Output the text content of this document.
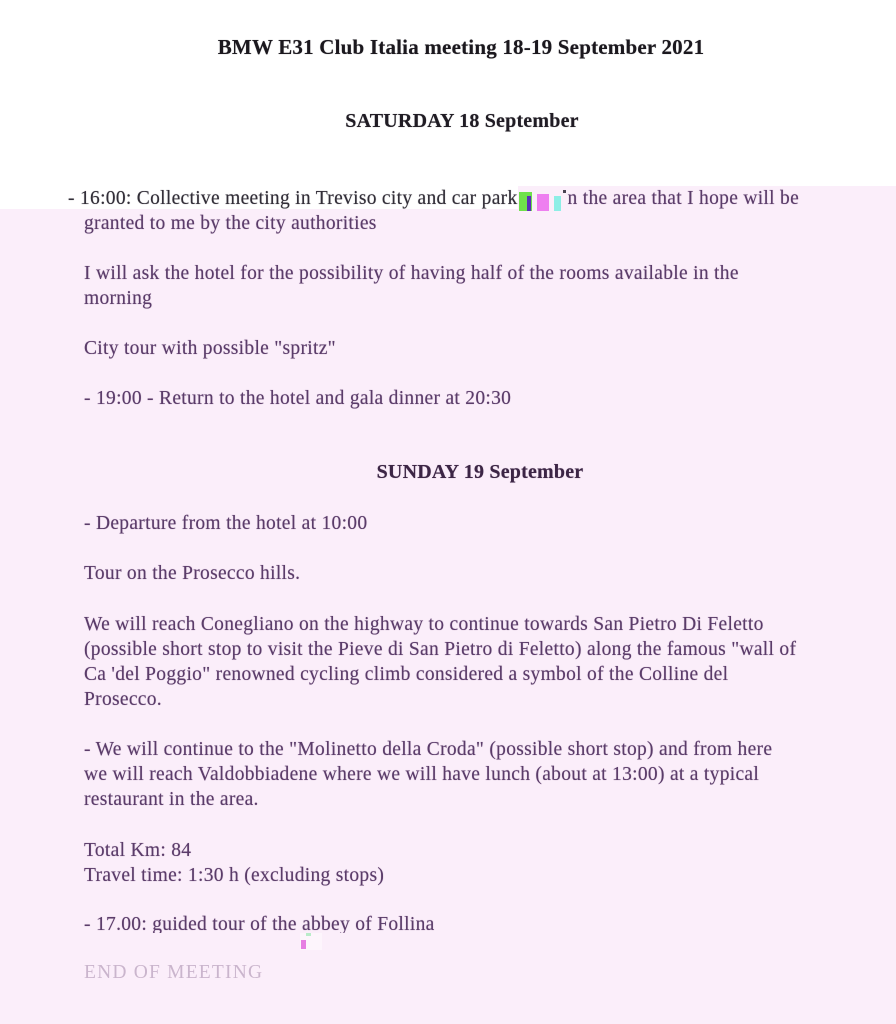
BMW E31 Club Italia meeting 18-19 September 2021
SATURDAY 18 September
- 16:00: Collective meeting in Treviso city and car park	n the area that I hope will be
granted to me by the city authorities
I will ask the hotel for the possibility of having half of the rooms available in the
morning
City tour with possible "spritz"
- 19:00 - Return to the hotel and gala dinner at 20:30
SUNDAY 19 September
- Departure from the hotel at 10:00
Tour on the Prosecco hills.
We will reach Conegliano on the highway to continue towards San Pietro Di Feletto
(possible short stop to visit the Pieve di San Pietro di Feletto) along the famous "wall of
Ca 'del Poggio" renowned cycling climb considered a symbol of the Colline del
Prosecco.
- We will continue to the "Molinetto della Croda" (possible short stop) and from here
we will reach Valdobbiadene where we will have lunch (about at 13:00) at a typical
restaurant in the area.
Total Km: 84
Travel time: 1:30 h (excluding stops)
- 17.00: guided tour of the abbey of Follina
END OF MEETING
